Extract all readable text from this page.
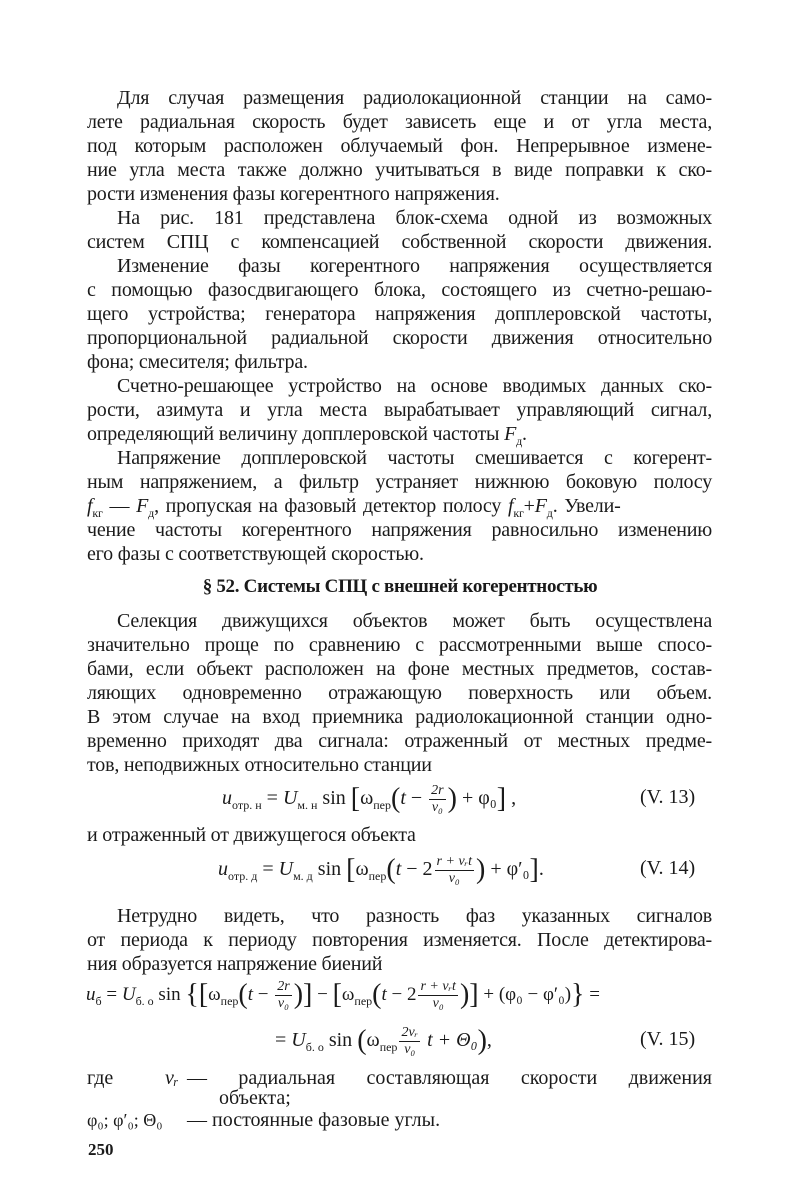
Для случая размещения радиолокационной станции на само-
лете радиальная скорость будет зависеть еще и от угла места,
под которым расположен облучаемый фон. Непрерывное измене-
ние угла места также должно учитываться в виде поправки к ско-
рости изменения фазы когерентного напряжения.
На рис. 181 представлена блок-схема одной из возможных
систем СПЦ с компенсацией собственной скорости движения.
Изменение фазы когерентного напряжения осуществляется
с помощью фазосдвигающего блока, состоящего из счетно-решаю-
щего устройства; генератора напряжения допплеровской частоты,
пропорциональной радиальной скорости движения относительно
фона; смесителя; фильтра.
Счетно-решающее устройство на основе вводимых данных ско-
рости, азимута и угла места вырабатывает управляющий сигнал,
определяющий величину допплеровской частоты $F_д$.
Напряжение допплеровской частоты смешивается с когерент-
ным напряжением, а фильтр устраняет нижнюю боковую полосу
$f_{кг}$ — $F_д$, пропуская на фазовый детектор полосу $f_{кг}+F_д$. Увели-
чение частоты когерентного напряжения равносильно изменению
его фазы с соответствующей скоростью.
§ 52. Системы СПЦ с внешней когерентностью
Селекция движущихся объектов может быть осуществлена
значительно проще по сравнению с рассмотренными выше спосо-
бами, если объект расположен на фоне местных предметов, состав-
ляющих одновременно отражающую поверхность или объем.
В этом случае на вход приемника радиолокационной станции одно-
временно приходят два сигнала: отраженный от местных предме-
тов, неподвижных относительно станции
$u_{отр. н} = U_{м. н}$ $\sin [\omega_{пер}(t - \frac{2r}{\text{v₀}}$ ) + φ₀] ,	(V. 13)
и отраженный от движущегося объекта
$u_{отр. д} = U_{м. д}$ $\sin [\omega_{пер}(t - 2 \frac{\text{r + vᵣt}}{\text{v₀}}$ ) + φ′₀].	(V. 14)
Нетрудно видеть, что разность фаз указанных сигналов
от периода к периоду повторения изменяется. После детектирова-
ния образуется напряжение биений
$u_б = U_{б. о}$ $\sin \{[\omega_{пер}(t - \frac{2r}{\text{v₀}}$ )] − [$\omega_{пер}(t - 2 \frac{\text{r + vᵣt}}{\text{v₀}}$ )] + (φ₀ − φ′₀)} =
= $U_{б. о}$ $\sin (\omega_{пер} \frac{\text{2vᵣ}}{\text{v₀}}$ t + Θ₀),	(V. 15)
где	vᵣ — радиальная составляющая скорости движения
объекта;
φ₀; φ′₀; Θ₀ — постоянные фазовые углы.
250
